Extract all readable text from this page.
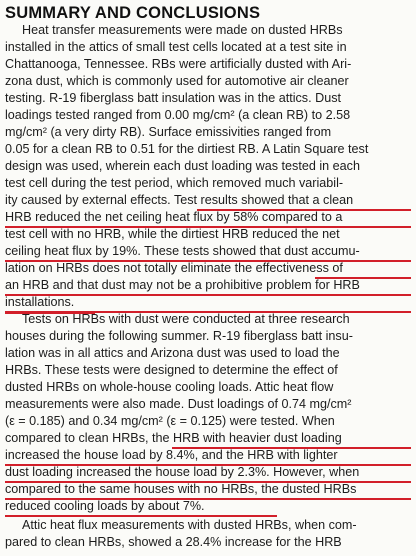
SUMMARY AND CONCLUSIONS
Heat transfer measurements were made on dusted HRBs
installed in the attics of small test cells located at a test site in
Chattanooga, Tennessee. RBs were artificially dusted with Ari-
zona dust, which is commonly used for automotive air cleaner
testing. R-19 fiberglass batt insulation was in the attics. Dust
loadings tested ranged from 0.00 mg/cm² (a clean RB) to 2.58
mg/cm² (a very dirty RB). Surface emissivities ranged from
0.05 for a clean RB to 0.51 for the dirtiest RB. A Latin Square test
design was used, wherein each dust loading was tested in each
test cell during the test period, which removed much variabil-
ity caused by external effects. Test results showed that a clean
HRB reduced the net ceiling heat flux by 58% compared to a
test cell with no HRB, while the dirtiest HRB reduced the net
ceiling heat flux by 19%. These tests showed that dust accumu-
lation on HRBs does not totally eliminate the effectiveness of
an HRB and that dust may not be a prohibitive problem for HRB
installations.
Tests on HRBs with dust were conducted at three research
houses during the following summer. R-19 fiberglass batt insu-
lation was in all attics and Arizona dust was used to load the
HRBs. These tests were designed to determine the effect of
dusted HRBs on whole-house cooling loads. Attic heat flow
measurements were also made. Dust loadings of 0.74 mg/cm²
(ε = 0.185) and 0.34 mg/cm² (ε = 0.125) were tested. When
compared to clean HRBs, the HRB with heavier dust loading
increased the house load by 8.4%, and the HRB with lighter
dust loading increased the house load by 2.3%. However, when
compared to the same houses with no HRBs, the dusted HRBs
reduced cooling loads by about 7%.
Attic heat flux measurements with dusted HRBs, when com-
pared to clean HRBs, showed a 28.4% increase for the HRB
